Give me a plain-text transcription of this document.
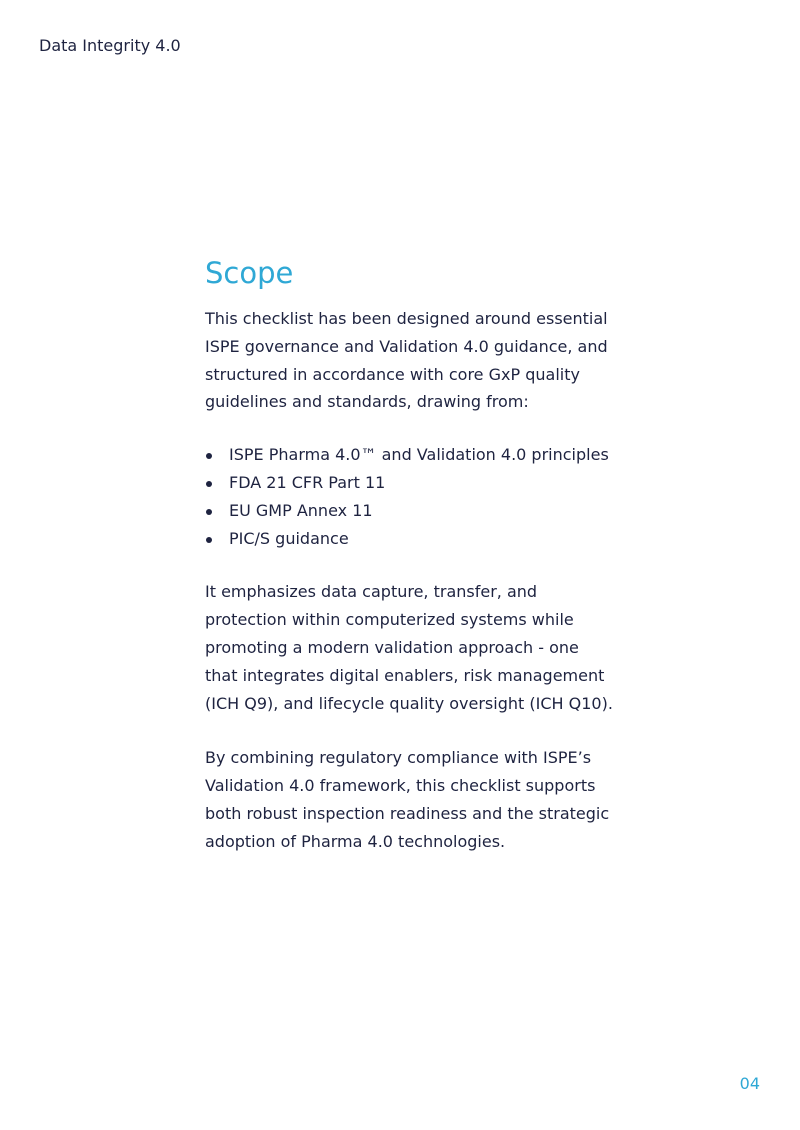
Data Integrity 4.0
Scope

This checklist has been designed around essential
ISPE governance and Validation 4.0 guidance, and
structured in accordance with core GxP quality
guidelines and standards, drawing from:

ISPE Pharma 4.0™ and Validation 4.0 principles
FDA 21 CFR Part 11
EU GMP Annex 11
PIC/S guidance

It emphasizes data capture, transfer, and
protection within computerized systems while
promoting a modern validation approach - one
that integrates digital enablers, risk management
(ICH Q9), and lifecycle quality oversight (ICH Q10).

By combining regulatory compliance with ISPE’s
Validation 4.0 framework, this checklist supports
both robust inspection readiness and the strategic
adoption of Pharma 4.0 technologies.

04
